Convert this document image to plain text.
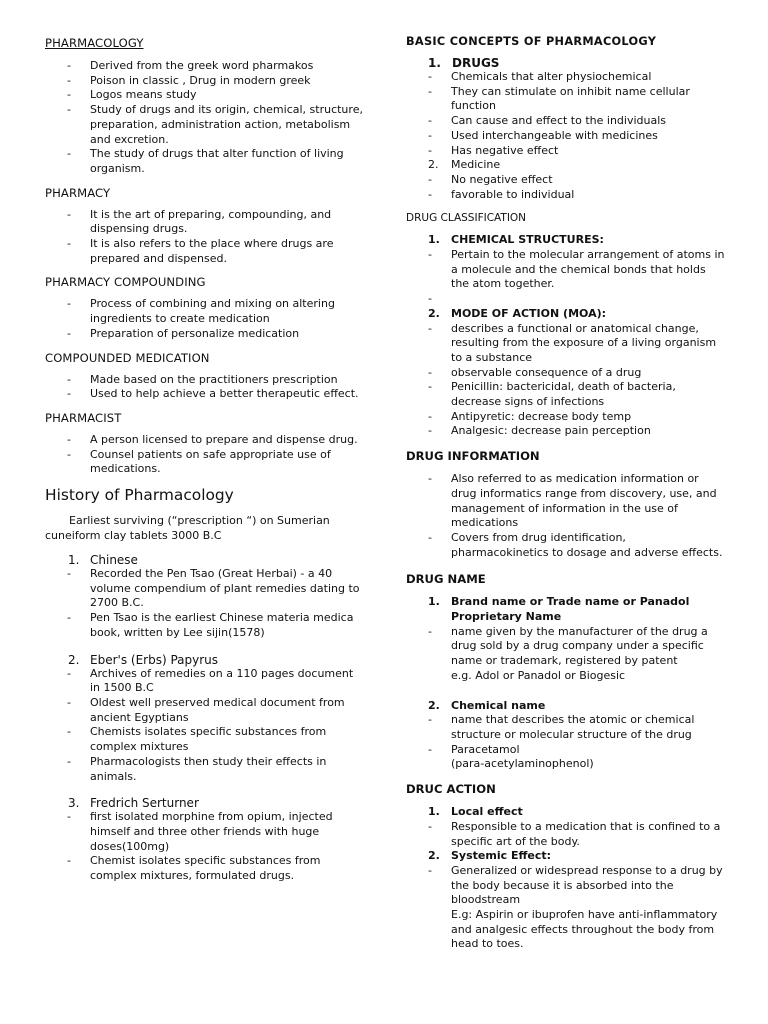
PHARMACOLOGY

- Derived from the greek word pharmakos
- Poison in classic , Drug in modern greek
- Logos means study
- Study of drugs and its origin, chemical, structure, preparation, administration action, metabolism and excretion.
- The study of drugs that alter function of living organism.

PHARMACY

- It is the art of preparing, compounding, and dispensing drugs.
- It is also refers to the place where drugs are prepared and dispensed.

PHARMACY COMPOUNDING

- Process of combining and mixing on altering ingredients to create medication
- Preparation of personalize medication

COMPOUNDED MEDICATION

- Made based on the practitioners prescription
- Used to help achieve a better therapeutic effect.

PHARMACIST

- A person licensed to prepare and dispense drug.
- Counsel patients on safe appropriate use of medications.

History of Pharmacology

Earliest surviving (“prescription “) on Sumerian cuneiform clay tablets 3000 B.C

1. Chinese
- Recorded the Pen Tsao (Great Herbai) - a 40 volume compendium of plant remedies dating to 2700 B.C.
- Pen Tsao is the earliest Chinese materia medica book, written by Lee sijin(1578)
2. Eber's (Erbs) Papyrus
- Archives of remedies on a 110 pages document in 1500 B.C
- Oldest well preserved medical document from ancient Egyptians
- Chemists isolates specific substances from complex mixtures
- Pharmacologists then study their effects in animals.
3. Fredrich Serturner
- first isolated morphine from opium, injected himself and three other friends with huge doses(100mg)
- Chemist isolates specific substances from complex mixtures, formulated drugs.

BASIC CONCEPTS OF PHARMACOLOGY

1. DRUGS
- Chemicals that alter physiochemical
- They can stimulate on inhibit name cellular function
- Can cause and effect to the individuals
- Used interchangeable with medicines
- Has negative effect
2. Medicine
- No negative effect
- favorable to individual

DRUG CLASSIFICATION

1. CHEMICAL STRUCTURES:
- Pertain to the molecular arrangement of atoms in a molecule and the chemical bonds that holds the atom together.
-
2. MODE OF ACTION (MOA):
- describes a functional or anatomical change, resulting from the exposure of a living organism to a substance
- observable consequence of a drug
- Penicillin: bactericidal, death of bacteria, decrease signs of infections
- Antipyretic: decrease body temp
- Analgesic: decrease pain perception

DRUG INFORMATION

- Also referred to as medication information or drug informatics range from discovery, use, and management of information in the use of medications
- Covers from drug identification, pharmacokinetics to dosage and adverse effects.

DRUG NAME

1. Brand name or Trade name or Panadol Proprietary Name
- name given by the manufacturer of the drug a drug sold by a drug company under a specific name or trademark, registered by patent
e.g. Adol or Panadol or Biogesic
2. Chemical name
- name that describes the atomic or chemical structure or molecular structure of the drug
- Paracetamol
(para-acetylaminophenol)

DRUC ACTION

1. Local effect
- Responsible to a medication that is confined to a specific art of the body.
2. Systemic Effect:
- Generalized or widespread response to a drug by the body because it is absorbed into the bloodstream
E.g: Aspirin or ibuprofen have anti-inflammatory and analgesic effects throughout the body from head to toes.
